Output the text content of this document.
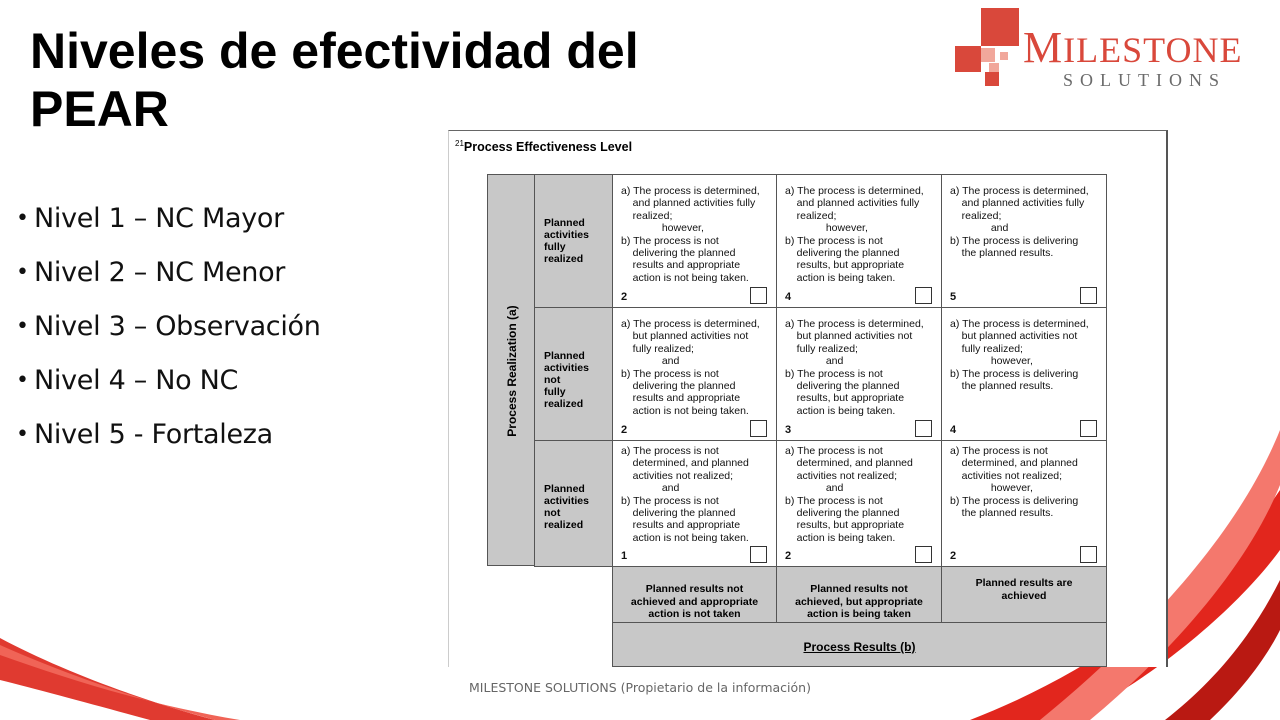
Niveles de efectividad del PEAR
• Nivel 1 – NC Mayor
• Nivel 2 – NC Menor
• Nivel 3 – Observación
• Nivel 4 – No NC
• Nivel 5 - Fortaleza
MILESTONE
SOLUTIONS
$^{21}$Process Effectiveness Level
Process Realization (a)

Planned
activities
fully
realized

Planned
activities
not
fully
realized

Planned
activities
not
realized

a) The process is determined,
and planned activities fully
realized;
however,
b) The process is not
delivering the planned
results and appropriate
action is not being taken.

2

a) The process is determined,
and planned activities fully
realized;
however,
b) The process is not
delivering the planned
results, but appropriate
action is being taken.

4

a) The process is determined,
and planned activities fully
realized;
and
b) The process is delivering
the planned results.

5

a) The process is determined,
but planned activities not
fully realized;
and
b) The process is not
delivering the planned
results and appropriate
action is not being taken.

2

a) The process is determined,
but planned activities not
fully realized;
and
b) The process is not
delivering the planned
results, but appropriate
action is being taken.

3

a) The process is determined,
but planned activities not
fully realized;
however,
b) The process is delivering
the planned results.

4

a) The process is not
determined, and planned
activities not realized;
and
b) The process is not
delivering the planned
results and appropriate
action is not being taken.

1

a) The process is not
determined, and planned
activities not realized;
and
b) The process is not
delivering the planned
results, but appropriate
action is being taken.

2

a) The process is not
determined, and planned
activities not realized;
however,
b) The process is delivering
the planned results.

2

Planned results not
achieved and appropriate
action is not taken

Planned results not
achieved, but appropriate
action is being taken

Planned results are
achieved

Process Results (b)
MILESTONE SOLUTIONS (Propietario de la información)
